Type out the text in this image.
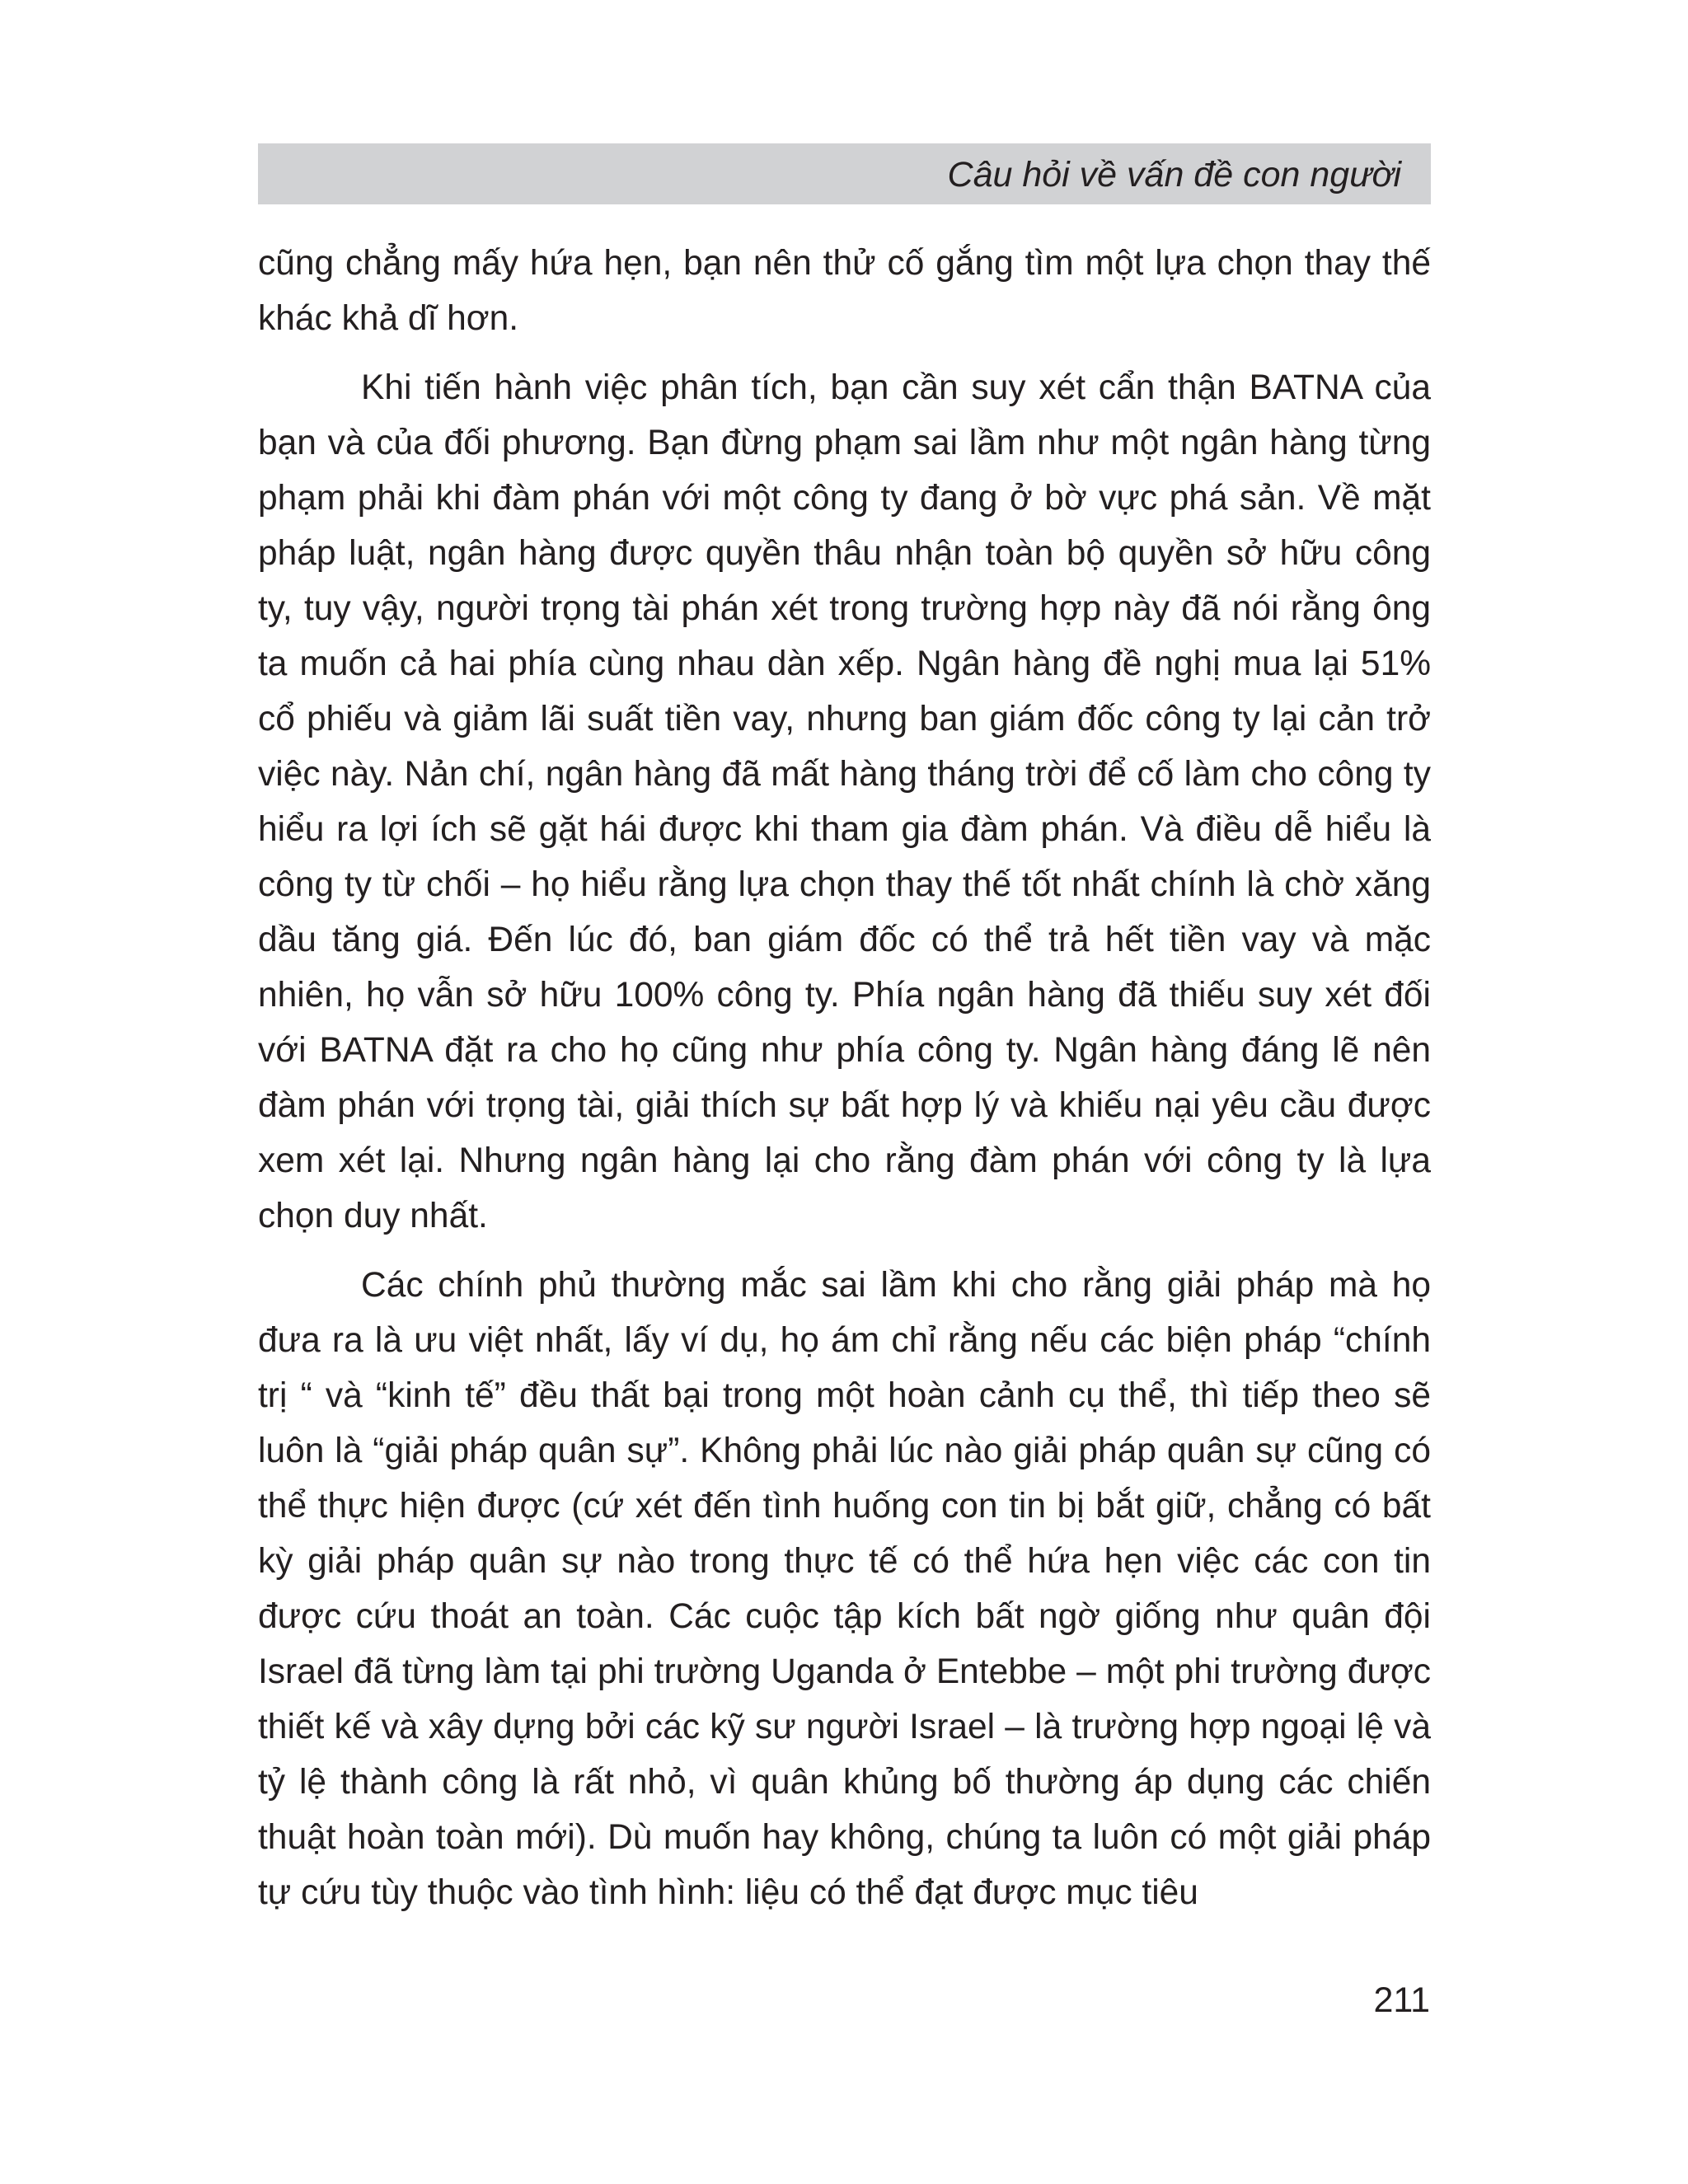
Câu hỏi về vấn đề con người

cũng chẳng mấy hứa hẹn, bạn nên thử cố gắng tìm một lựa chọn thay thế khác khả dĩ hơn.

Khi tiến hành việc phân tích, bạn cần suy xét cẩn thận BATNA của bạn và của đối phương. Bạn đừng phạm sai lầm như một ngân hàng từng phạm phải khi đàm phán với một công ty đang ở bờ vực phá sản. Về mặt pháp luật, ngân hàng được quyền thâu nhận toàn bộ quyền sở hữu công ty, tuy vậy, người trọng tài phán xét trong trường hợp này đã nói rằng ông ta muốn cả hai phía cùng nhau dàn xếp. Ngân hàng đề nghị mua lại 51% cổ phiếu và giảm lãi suất tiền vay, nhưng ban giám đốc công ty lại cản trở việc này. Nản chí, ngân hàng đã mất hàng tháng trời để cố làm cho công ty hiểu ra lợi ích sẽ gặt hái được khi tham gia đàm phán. Và điều dễ hiểu là công ty từ chối – họ hiểu rằng lựa chọn thay thế tốt nhất chính là chờ xăng dầu tăng giá. Đến lúc đó, ban giám đốc có thể trả hết tiền vay và mặc nhiên, họ vẫn sở hữu 100% công ty. Phía ngân hàng đã thiếu suy xét đối với BATNA đặt ra cho họ cũng như phía công ty. Ngân hàng đáng lẽ nên đàm phán với trọng tài, giải thích sự bất hợp lý và khiếu nại yêu cầu được xem xét lại. Nhưng ngân hàng lại cho rằng đàm phán với công ty là lựa chọn duy nhất.

Các chính phủ thường mắc sai lầm khi cho rằng giải pháp mà họ đưa ra là ưu việt nhất, lấy ví dụ, họ ám chỉ rằng nếu các biện pháp “chính trị “ và “kinh tế” đều thất bại trong một hoàn cảnh cụ thể, thì tiếp theo sẽ luôn là “giải pháp quân sự”. Không phải lúc nào giải pháp quân sự cũng có thể thực hiện được (cứ xét đến tình huống con tin bị bắt giữ, chẳng có bất kỳ giải pháp quân sự nào trong thực tế có thể hứa hẹn việc các con tin được cứu thoát an toàn. Các cuộc tập kích bất ngờ giống như quân đội Israel đã từng làm tại phi trường Uganda ở Entebbe – một phi trường được thiết kế và xây dựng bởi các kỹ sư người Israel – là trường hợp ngoại lệ và tỷ lệ thành công là rất nhỏ, vì quân khủng bố thường áp dụng các chiến thuật hoàn toàn mới). Dù muốn hay không, chúng ta luôn có một giải pháp tự cứu tùy thuộc vào tình hình: liệu có thể đạt được mục tiêu

211
